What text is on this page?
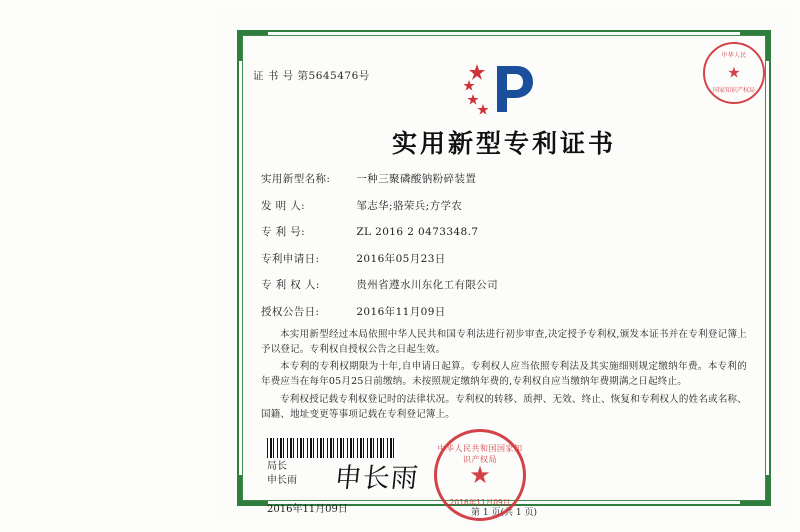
证 书 号 第5645476号
实用新型专利证书
实用新型名称: 一种三聚磷酸钠粉碎装置
发 明 人:	邹志华;骆荣兵;方学农
专 利 号:	ZL 2016 2 0473348.7
专利申请日:	2016年05月23日
专 利 权 人:	贵州省遵水川东化工有限公司
授权公告日:	2016年11月09日

本实用新型经过本局依照中华人民共和国专利法进行初步审查,决定授予专利权,颁发本证书并在专利登记簿上予以登记。专利权自授权公告之日起生效。

本专利的专利权期限为十年,自申请日起算。专利权人应当依照专利法及其实施细则规定缴纳年费。本专利的年费应当在每年05月25日前缴纳。未按照规定缴纳年费的,专利权自应当缴纳年费期满之日起终止。

专利权授记载专利权登记时的法律状况。专利权的转移、质押、无效、终止、恢复和专利权人的姓名或名称、国籍、地址变更等事项记载在专利登记簿上。

局长
申长雨 申长雨
2016年11月09日	第 1 页(共 1 页)
中华人民
★
国家知识产权局
中华人民共和国国家知识产权局
★
2016年11月09日
